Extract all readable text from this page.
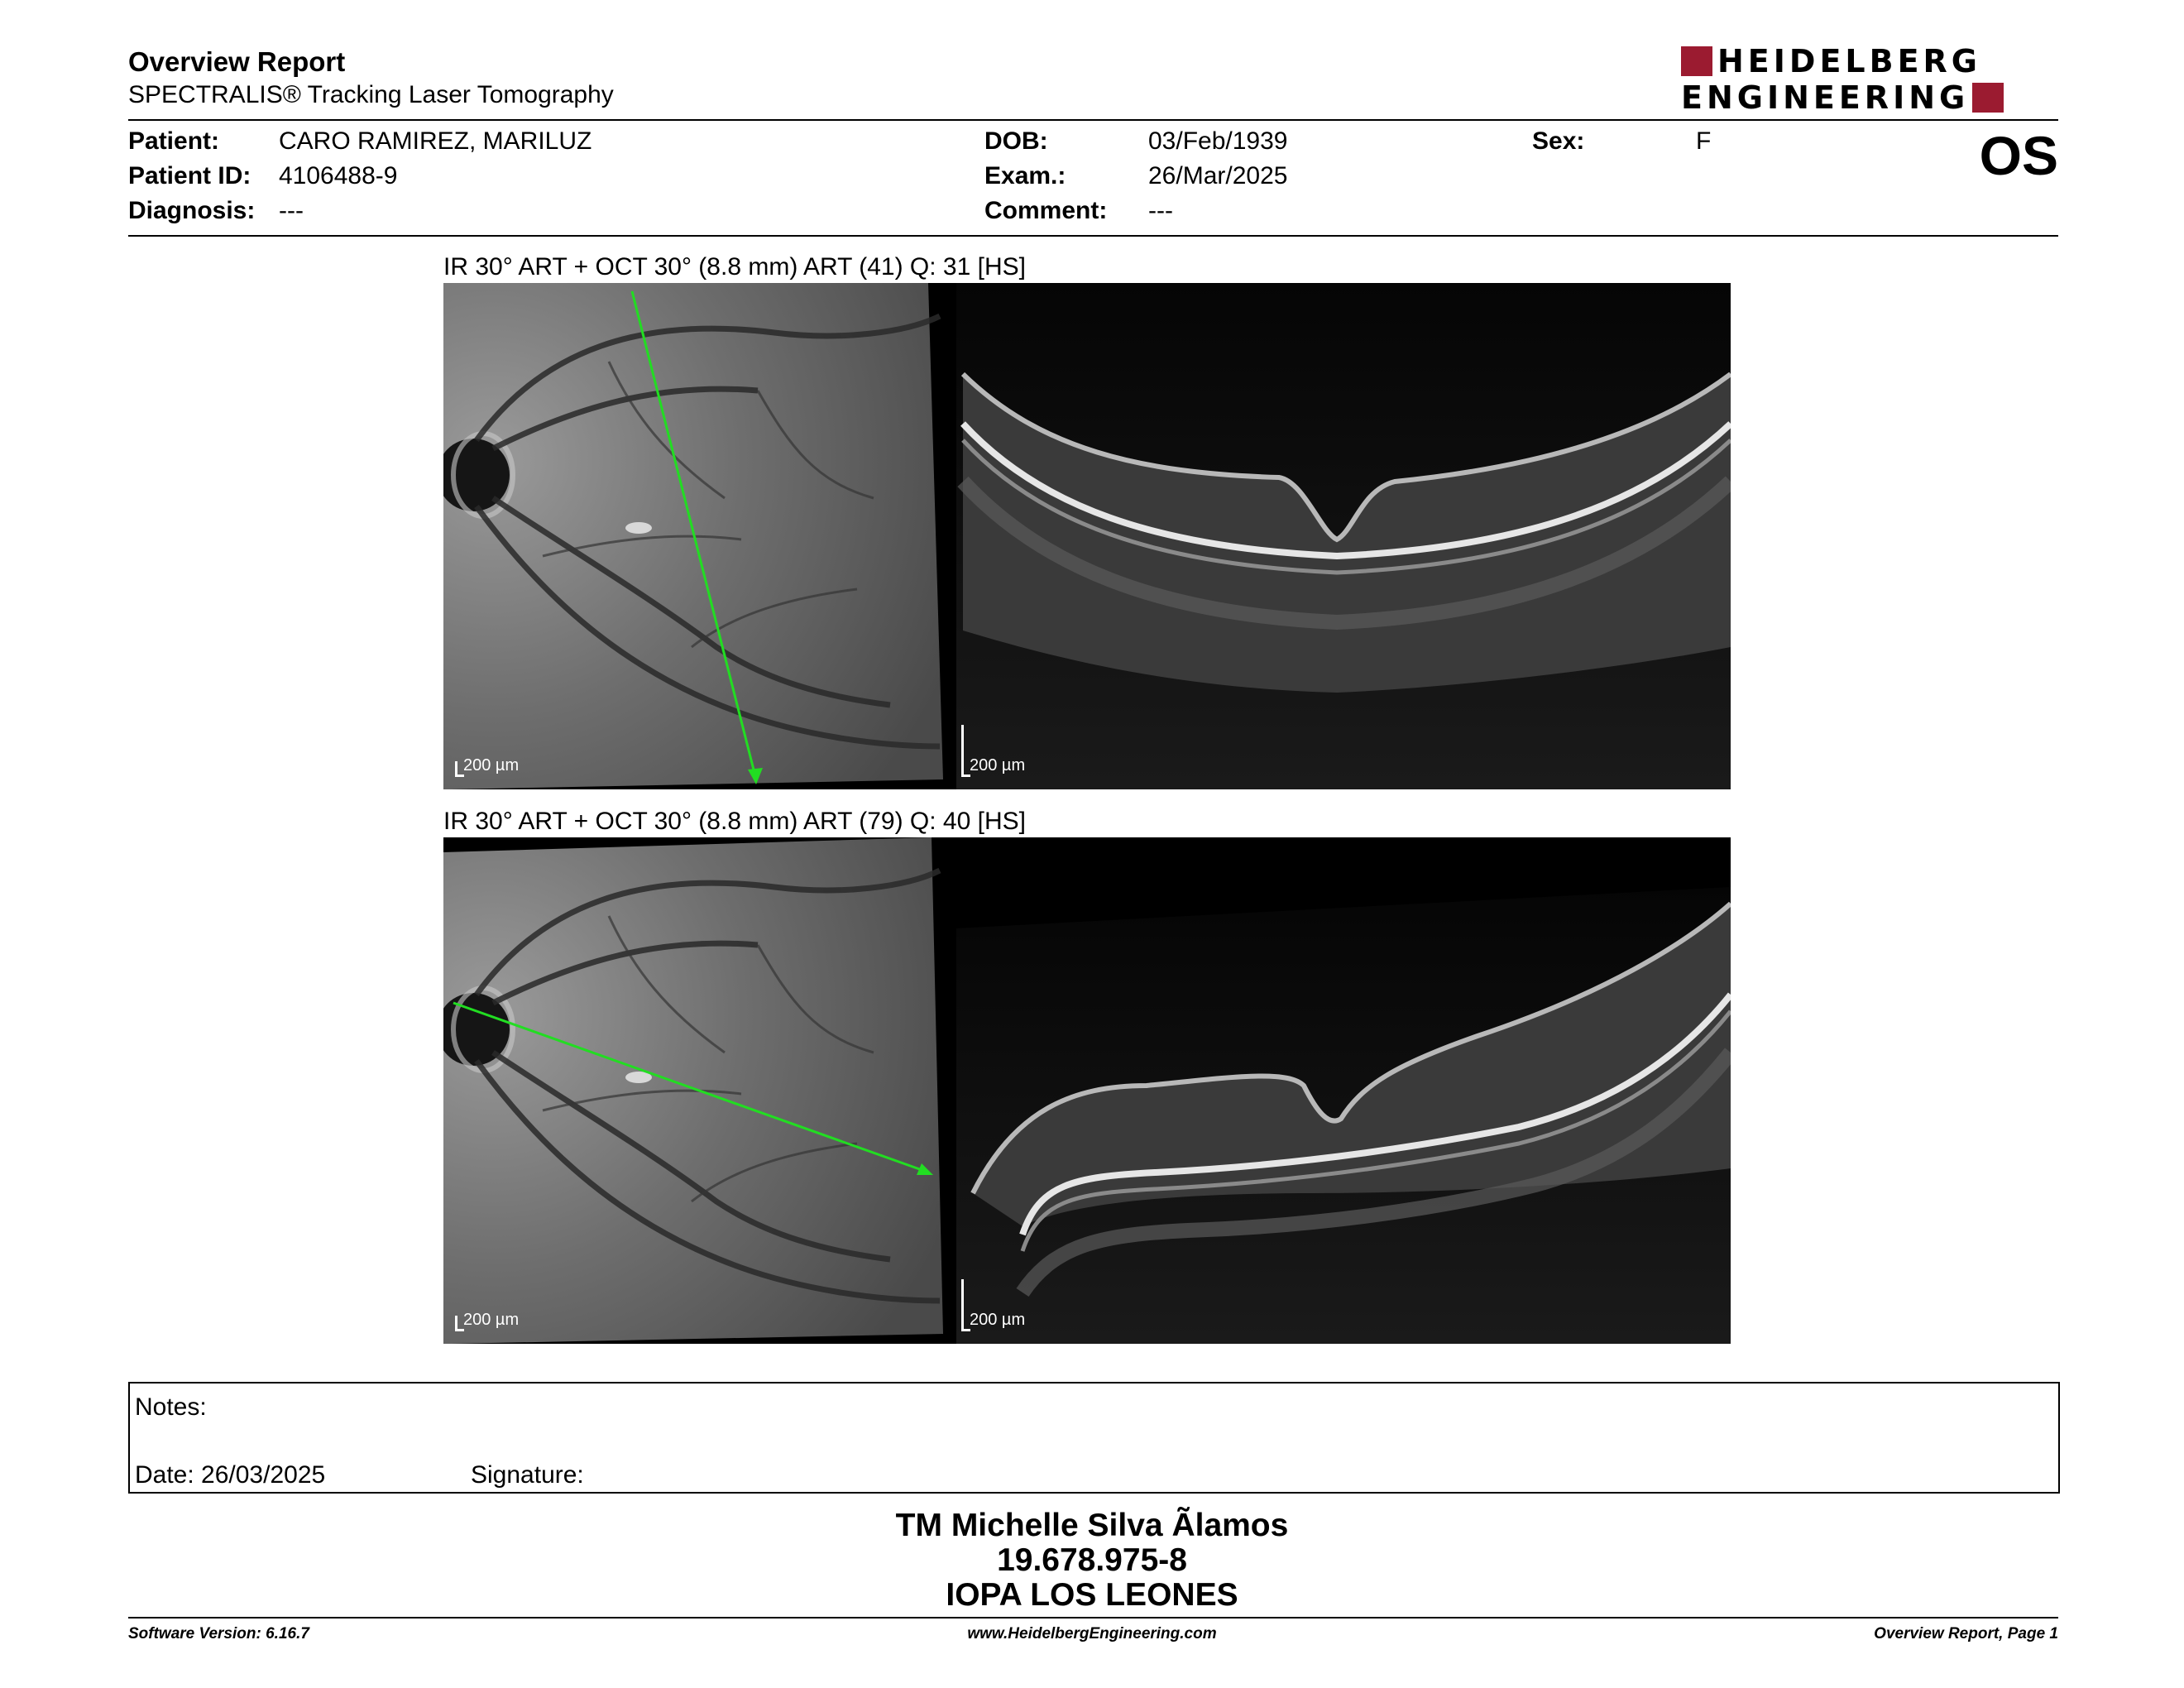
Overview Report
SPECTRALIS® Tracking Laser Tomography
HEIDELBERG
ENGINEERING
Patient: CARO RAMIREZ, MARILUZ
Patient ID: 4106488-9
Diagnosis: ---
DOB:	03/Feb/1939
Exam.:	26/Mar/2025
Comment: ---
Sex:	F	OS
IR 30° ART + OCT 30° (8.8 mm) ART (41) Q: 31 [HS]
200 µm	200 µm
IR 30° ART + OCT 30° (8.8 mm) ART (79) Q: 40 [HS]
200 µm	200 µm
Notes:
Date: 26/03/2025	Signature:
TM Michelle Silva Ãlamos
19.678.975-8
IOPA LOS LEONES
Software Version: 6.16.7	www.HeidelbergEngineering.com	Overview Report, Page 1
